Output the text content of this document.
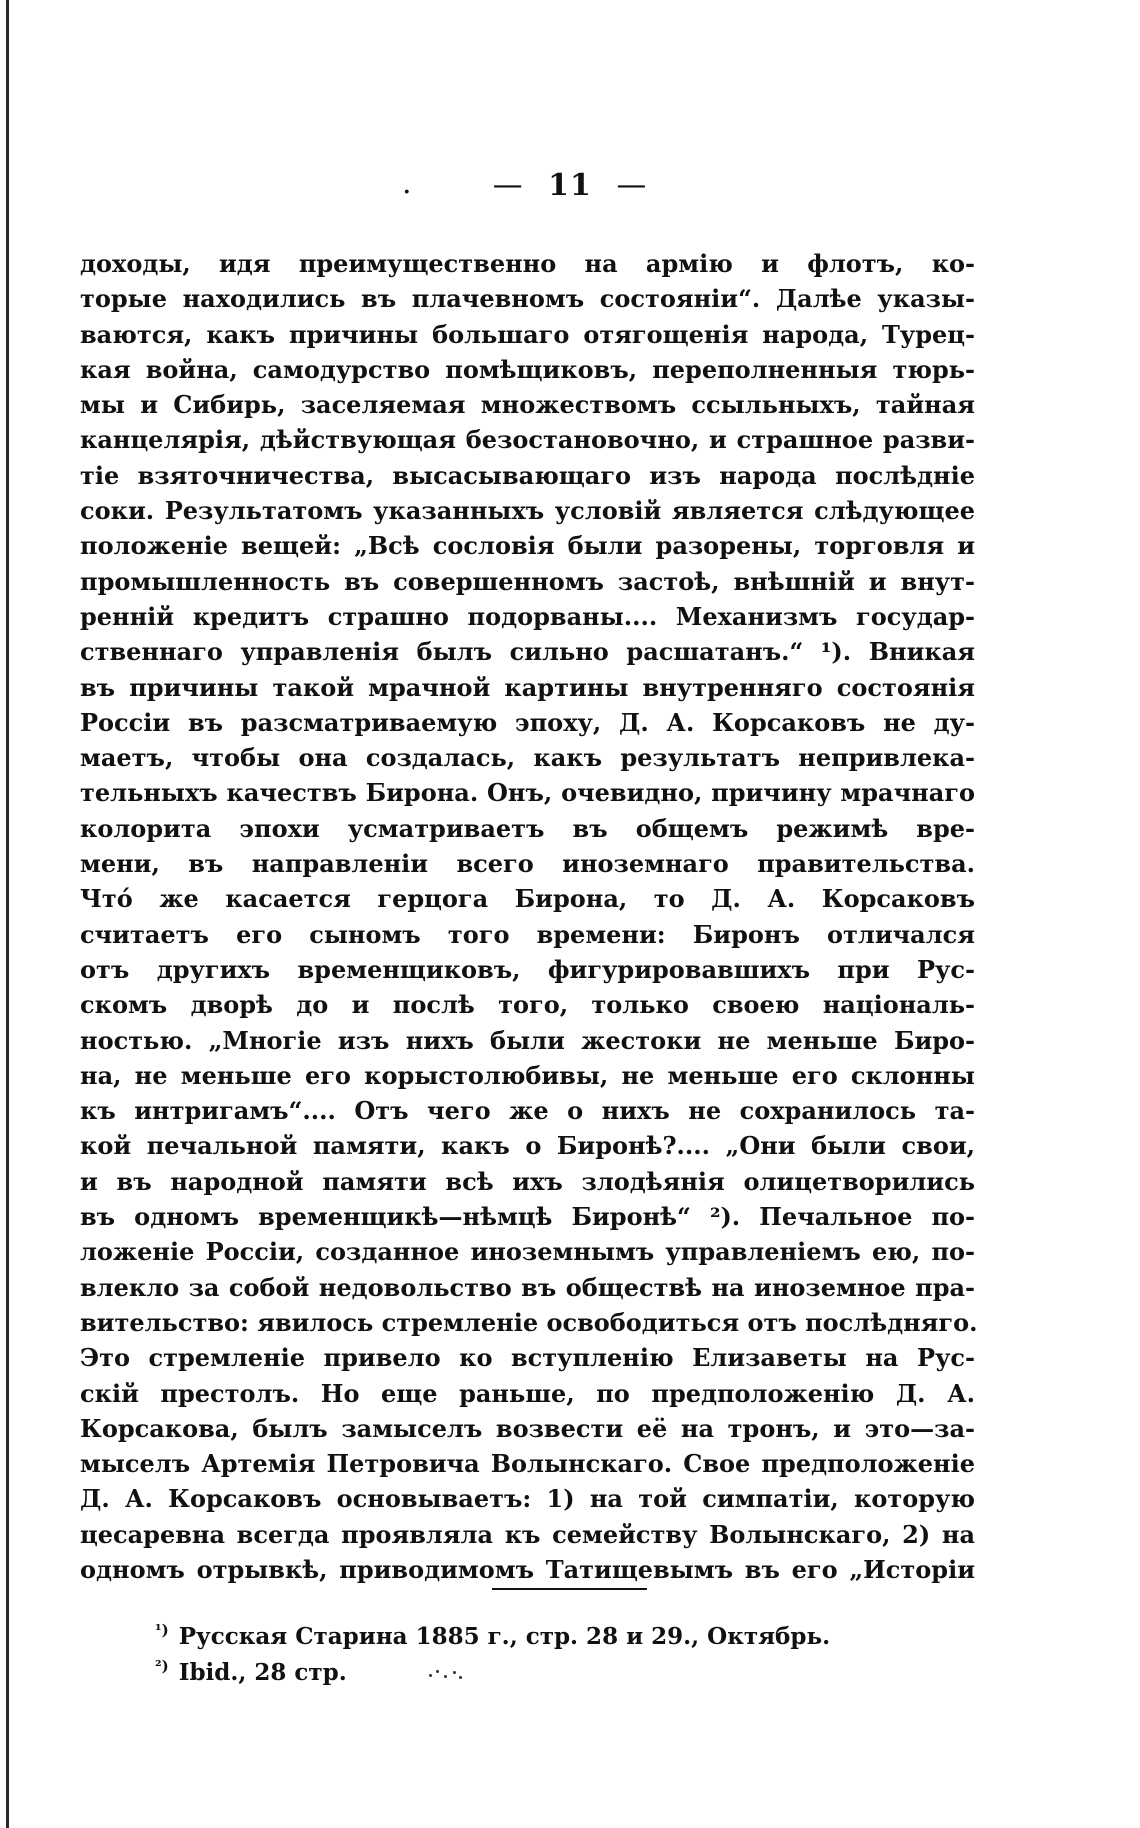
.	— 11 —
доходы, идя преимущественно на армію и флотъ, ко-
торые находились въ плачевномъ состояніи“. Далѣе указы-
ваются, какъ причины большаго отягощенія народа, Турец-
кая война, самодурство помѣщиковъ, переполненныя тюрь-
мы и Сибирь, заселяемая множествомъ ссыльныхъ, тайная
канцелярія, дѣйствующая безостановочно, и страшное разви-
тіе взяточничества, высасывающаго изъ народа послѣдніе
соки. Результатомъ указанныхъ условій является слѣдующее
положеніе вещей: „Всѣ сословія были разорены, торговля и
промышленность въ совершенномъ застоѣ, внѣшній и внут-
ренній кредитъ страшно подорваны.... Механизмъ государ-
ственнаго управленія былъ сильно расшатанъ.“ ¹). Вникая
въ причины такой мрачной картины внутренняго состоянія
Россіи въ разсматриваемую эпоху, Д. А. Корсаковъ не ду-
маетъ, чтобы она создалась, какъ результатъ непривлека-
тельныхъ качествъ Бирона. Онъ, очевидно, причину мрачнаго
колорита эпохи усматриваетъ въ общемъ режимѣ вре-
мени, въ направленіи всего иноземнаго правительства.
Что́ же касается герцога Бирона, то Д. А. Корсаковъ
считаетъ его сыномъ того времени: Биронъ отличался
отъ другихъ временщиковъ, фигурировавшихъ при Рус-
скомъ дворѣ до и послѣ того, только своею національ-
ностью. „Многіе изъ нихъ были жестоки не меньше Биро-
на, не меньше его корыстолюбивы, не меньше его склонны
къ интригамъ“.... Отъ чего же о нихъ не сохранилось та-
кой печальной памяти, какъ о Биронѣ?.... „Они были свои,
и въ народной памяти всѣ ихъ злодѣянія олицетворились
въ одномъ временщикѣ—нѣмцѣ Биронѣ“ ²). Печальное по-
ложеніе Россіи, созданное иноземнымъ управленіемъ ею, по-
влекло за собой недовольство въ обществѣ на иноземное пра-
вительство: явилось стремленіе освободиться отъ послѣдняго.
Это стремленіе привело ко вступленію Елизаветы на Рус-
скій престолъ. Но еще раньше, по предположенію Д. А.
Корсакова, былъ замыселъ возвести её на тронъ, и это—за-
мыселъ Артемія Петровича Волынскаго. Свое предположеніе
Д. А. Корсаковъ основываетъ: 1) на той симпатіи, которую
цесаревна всегда проявляла къ семейству Волынскаго, 2) на
одномъ отрывкѣ, приводимомъ Татищевымъ въ его „Исторіи
$^{^1)}$ Русская Старина 1885 г., стр. 28 и 29., Октябрь.
$^{^2)}$ Ibid., 28 стр.
